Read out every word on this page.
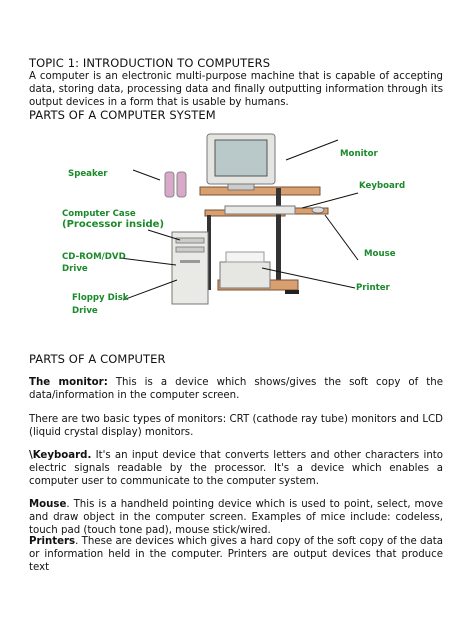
TOPIC 1: INTRODUCTION TO COMPUTERS
A computer is an electronic multi-purpose machine that is capable of accepting data, storing data, processing data and finally outputting information through its output devices in a form that is usable by humans.
PARTS OF A COMPUTER SYSTEM
Monitor
Speaker
Keyboard
Computer Case
(Processor inside)
CD-ROM/DVD
Drive
Mouse
Printer
Floppy Disk
Drive
PARTS OF A COMPUTER
The monitor: This is a device which shows/gives the soft copy of the data/information in the computer screen.
There are two basic types of monitors: CRT (cathode ray tube) monitors and LCD (liquid crystal display) monitors.
\Keyboard. It's an input device that converts letters and other characters into electric signals readable by the processor. It's a device which enables a computer user to communicate to the computer system.
Mouse. This is a handheld pointing device which is used to point, select, move and draw object in the computer screen. Examples of mice include: codeless, touch pad (touch tone pad), mouse stick/wired.
Printers. These are devices which gives a hard copy of the soft copy of the data or information held in the computer. Printers are output devices that produce text
